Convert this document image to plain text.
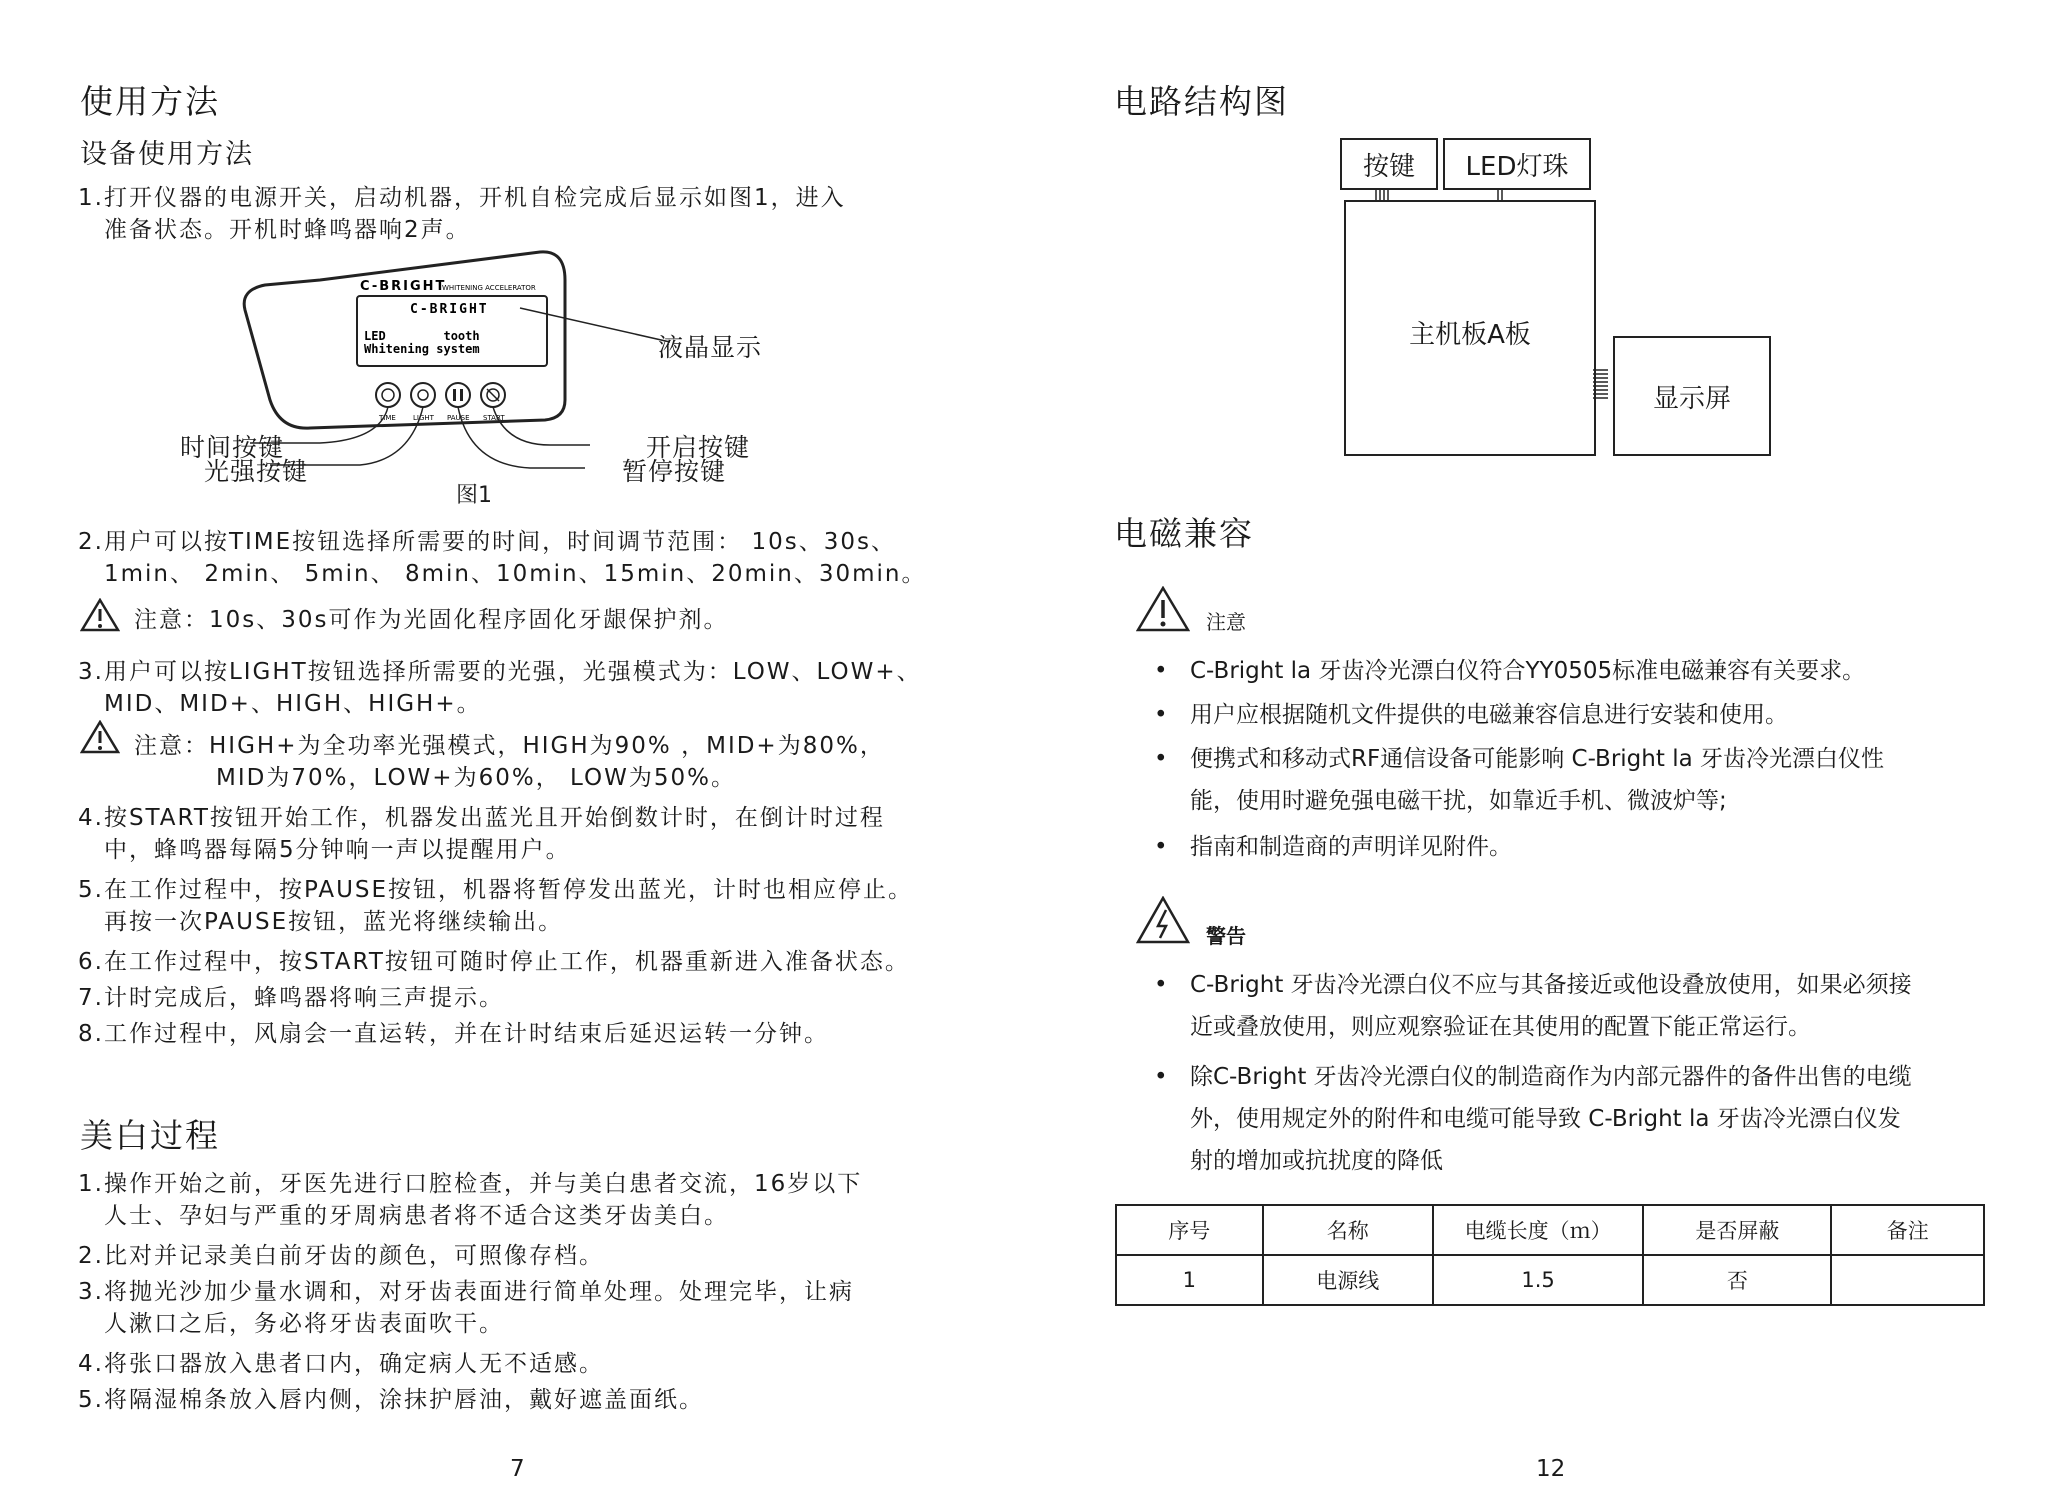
使用方法
设备使用方法
1.打开仪器的电源开关，启动机器，开机自检完成后显示如图1，进入
准备状态。开机时蜂鸣器响2声。
C-BRIGHT
WHITENING ACCELERATOR
C-BRIGHT
LED        tooth
Whitening system
TIME LIGHT PAUSE START
液晶显示
时间按键
光强按键
开启按键
暂停按键
图1
2.用户可以按TIME按钮选择所需要的时间，时间调节范围： 10s、30s、
1min、 2min、 5min、 8min、10min、15min、20min、30min。
注意：10s、30s可作为光固化程序固化牙龈保护剂。
3.用户可以按LIGHT按钮选择所需要的光强，光强模式为：LOW、LOW+、
MID、MID+、HIGH、HIGH+。
注意：HIGH+为全功率光强模式，HIGH为90% ，MID+为80%，
MID为70%，LOW+为60%， LOW为50%。
4.按START按钮开始工作，机器发出蓝光且开始倒数计时，在倒计时过程
中，蜂鸣器每隔5分钟响一声以提醒用户。
5.在工作过程中，按PAUSE按钮，机器将暂停发出蓝光，计时也相应停止。
再按一次PAUSE按钮，蓝光将继续输出。
6.在工作过程中，按START按钮可随时停止工作，机器重新进入准备状态。
7.计时完成后，蜂鸣器将响三声提示。
8.工作过程中，风扇会一直运转，并在计时结束后延迟运转一分钟。
美白过程
1.操作开始之前，牙医先进行口腔检查，并与美白患者交流，16岁以下
人士、孕妇与严重的牙周病患者将不适合这类牙齿美白。
2.比对并记录美白前牙齿的颜色，可照像存档。
3.将抛光沙加少量水调和，对牙齿表面进行简单处理。处理完毕，让病
人漱口之后，务必将牙齿表面吹干。
4.将张口器放入患者口内，确定病人无不适感。
5.将隔湿棉条放入唇内侧，涂抹护唇油，戴好遮盖面纸。
7
电路结构图
按键 LED灯珠
主机板A板
显示屏
电磁兼容
注意
• C-Bright la 牙齿冷光漂白仪符合YY0505标准电磁兼容有关要求。
• 用户应根据随机文件提供的电磁兼容信息进行安装和使用。
• 便携式和移动式RF通信设备可能影响 C-Bright la 牙齿冷光漂白仪性
能，使用时避免强电磁干扰，如靠近手机、微波炉等;
• 指南和制造商的声明详见附件。
警告
• C-Bright 牙齿冷光漂白仪不应与其备接近或他设叠放使用，如果必须接
近或叠放使用，则应观察验证在其使用的配置下能正常运行。
• 除C-Bright 牙齿冷光漂白仪的制造商作为内部元器件的备件出售的电缆
外，使用规定外的附件和电缆可能导致 C-Bright la 牙齿冷光漂白仪发
射的增加或抗扰度的降低
序号	名称	电缆长度（ｍ）	是否屏蔽	备注
1	电源线	1.5	否	
12
